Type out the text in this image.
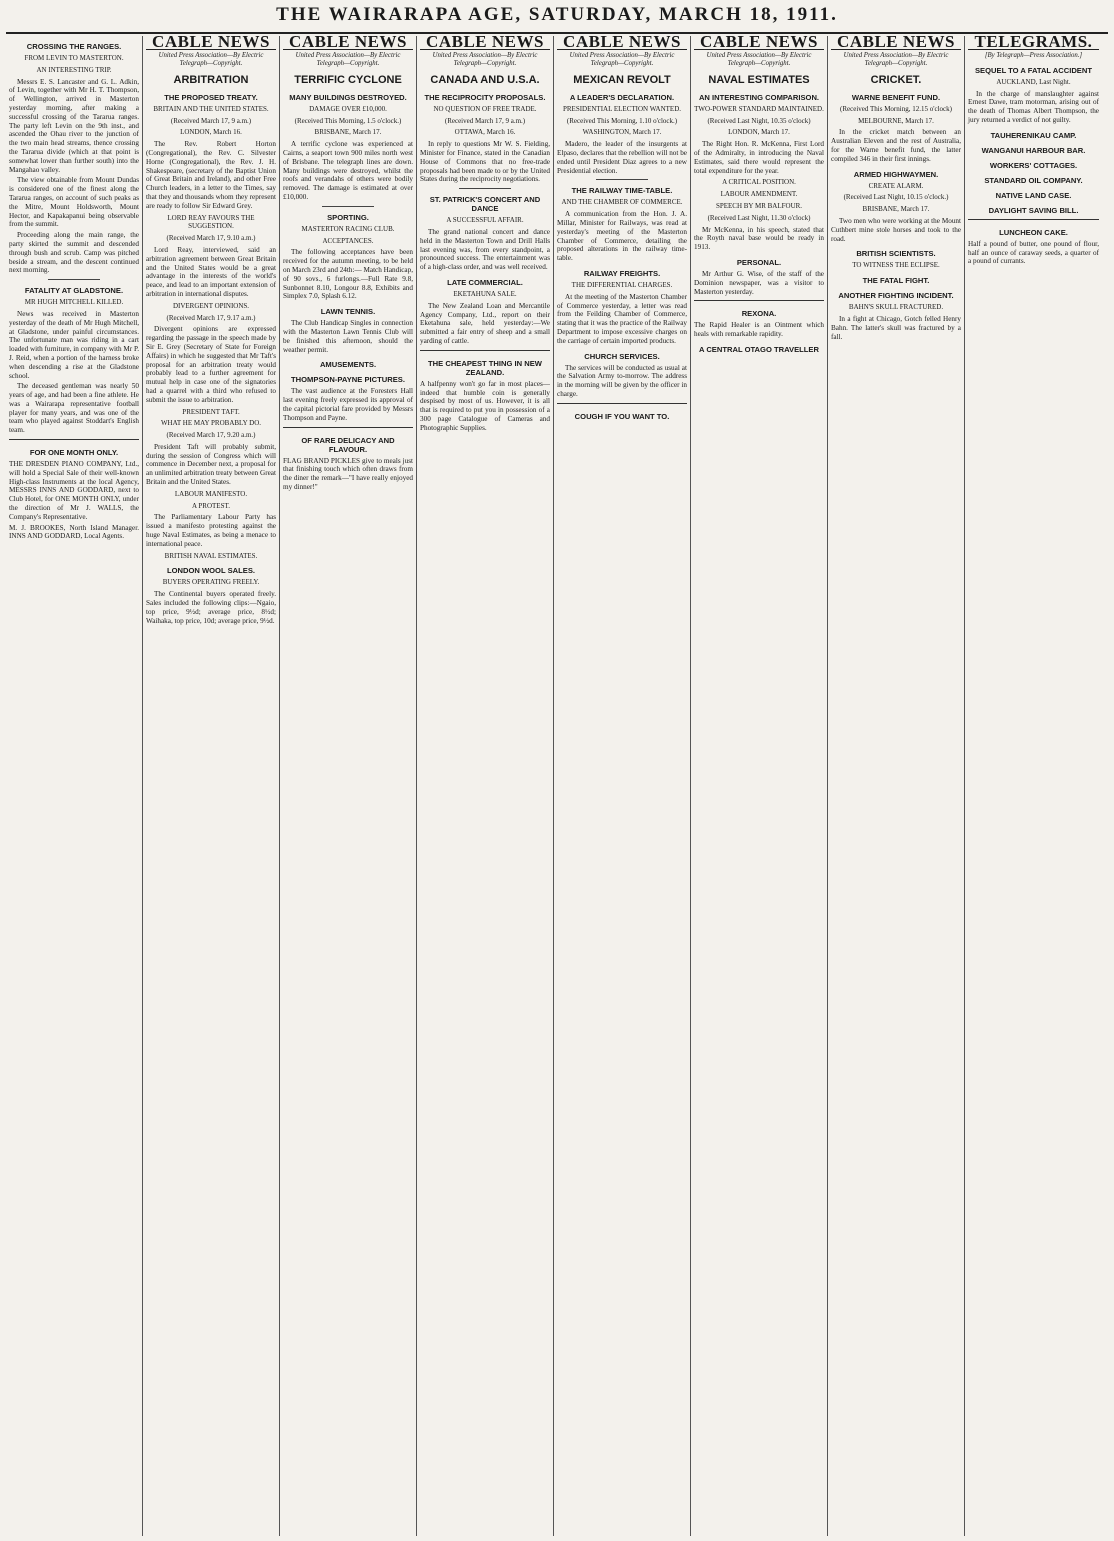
THE WAIRARAPA AGE, SATURDAY, MARCH 18, 1911.
CROSSING THE RANGES.
FROM LEVIN TO MASTERTON.
AN INTERESTING TRIP.

Messrs E. S. Lancaster and G. L. Adkin, of Levin, together with Mr H. T. Thompson, of Wellington, arrived in Masterton yesterday morning, after making a successful crossing of the Tararua ranges. The party left Levin on the 9th inst., and ascended the Ohau river to the junction of the two main head streams, thence crossing the Tararua divide (which at that point is somewhat lower than further south) into the Mangahao valley.

The view obtainable from Mount Dundas is considered one of the finest along the Tararua ranges, on account of such peaks as the Mitre, Mount Holdsworth, Mount Hector, and Kapakapanui being observable from the summit.

Proceeding along the main range, the party skirted the summit and descended through bush and scrub. Camp was pitched beside a stream, and the descent continued next morning.

FATALITY AT GLADSTONE.
MR HUGH MITCHELL KILLED.

News was received in Masterton yesterday of the death of Mr Hugh Mitchell, at Gladstone, under painful circumstances. The unfortunate man was riding in a cart loaded with furniture, in company with Mr P. J. Reid, when a portion of the harness broke when descending a rise at the Gladstone school.

The deceased gentleman was nearly 50 years of age, and had been a fine athlete. He was a Wairarapa representative football player for many years, and was one of the team who played against Stoddart's English team.

FOR ONE MONTH ONLY.

THE DRESDEN PIANO COMPANY, Ltd., will hold a Special Sale of their well-known High-class Instruments at the local Agency, MESSRS INNS AND GODDARD, next to Club Hotel, for ONE MONTH ONLY, under the direction of Mr J. WALLS, the Company's Representative.

M. J. BROOKES, North Island Manager. INNS AND GODDARD, Local Agents.

CABLE NEWS
United Press Association—By Electric Telegraph—Copyright.
ARBITRATION
THE PROPOSED TREATY.
BRITAIN AND THE UNITED STATES.
(Received March 17, 9 a.m.)
LONDON, March 16.

The Rev. Robert Horton (Congregational), the Rev. C. Silvester Horne (Congregational), the Rev. J. H. Shakespeare, (secretary of the Baptist Union of Great Britain and Ireland), and other Free Church leaders, in a letter to the Times, say that they and thousands whom they represent are ready to follow Sir Edward Grey.

LORD REAY FAVOURS THE SUGGESTION.
(Received March 17, 9.10 a.m.)

Lord Reay, interviewed, said an arbitration agreement between Great Britain and the United States would be a great advantage in the interests of the world's peace, and lead to an important extension of arbitration in international disputes.

DIVERGENT OPINIONS.
(Received March 17, 9.17 a.m.)

Divergent opinions are expressed regarding the passage in the speech made by Sir E. Grey (Secretary of State for Foreign Affairs) in which he suggested that Mr Taft's proposal for an arbitration treaty would probably lead to a further agreement for mutual help in case one of the signatories had a quarrel with a third who refused to submit the issue to arbitration.

PRESIDENT TAFT.
WHAT HE MAY PROBABLY DO.
(Received March 17, 9.20 a.m.)

President Taft will probably submit, during the session of Congress which will commence in December next, a proposal for an unlimited arbitration treaty between Great Britain and the United States.

LABOUR MANIFESTO.
A PROTEST.

The Parliamentary Labour Party has issued a manifesto protesting against the huge Naval Estimates, as being a menace to international peace.

BRITISH NAVAL ESTIMATES.
LONDON WOOL SALES.
BUYERS OPERATING FREELY.

The Continental buyers operated freely. Sales included the following clips:—Ngaio, top price, 9½d; average price, 8½d; Waihaka, top price, 10d; average price, 9½d.

CABLE NEWS
United Press Association—By Electric Telegraph—Copyright.
TERRIFIC CYCLONE
MANY BUILDINGS DESTROYED.
DAMAGE OVER £10,000.
(Received This Morning, 1.5 o'clock.)
BRISBANE, March 17.

A terrific cyclone was experienced at Cairns, a seaport town 900 miles north west of Brisbane. The telegraph lines are down. Many buildings were destroyed, whilst the roofs and verandahs of others were bodily removed. The damage is estimated at over £10,000.

SPORTING.
MASTERTON RACING CLUB.
ACCEPTANCES.

The following acceptances have been received for the autumn meeting, to be held on March 23rd and 24th:— Match Handicap, of 90 sovs., 6 furlongs.—Full Rate 9.8, Sunbonnet 8.10, Longour 8.8, Exhibits and Simplex 7.0, Splash 6.12.

LAWN TENNIS.

The Club Handicap Singles in connection with the Masterton Lawn Tennis Club will be finished this afternoon, should the weather permit.

AMUSEMENTS.
THOMPSON-PAYNE PICTURES.

The vast audience at the Foresters Hall last evening freely expressed its approval of the capital pictorial fare provided by Messrs Thompson and Payne.

OF RARE DELICACY AND FLAVOUR.

FLAG BRAND PICKLES give to meals just that finishing touch which often draws from the diner the remark—"I have really enjoyed my dinner!"

CABLE NEWS
United Press Association—By Electric Telegraph—Copyright.
CANADA AND U.S.A.
THE RECIPROCITY PROPOSALS.
NO QUESTION OF FREE TRADE.
(Received March 17, 9 a.m.)
OTTAWA, March 16.

In reply to questions Mr W. S. Fielding, Minister for Finance, stated in the Canadian House of Commons that no free-trade proposals had been made to or by the United States during the reciprocity negotiations.

ST. PATRICK'S CONCERT AND DANCE
A SUCCESSFUL AFFAIR.

The grand national concert and dance held in the Masterton Town and Drill Halls last evening was, from every standpoint, a pronounced success. The entertainment was of a high-class order, and was well received.

LATE COMMERCIAL.
EKETAHUNA SALE.

The New Zealand Loan and Mercantile Agency Company, Ltd., report on their Eketahuna sale, held yesterday:—We submitted a fair entry of sheep and a small yarding of cattle.

THE CHEAPEST THING IN NEW ZEALAND.

A halfpenny won't go far in most places—indeed that humble coin is generally despised by most of us. However, it is all that is required to put you in possession of a 300 page Catalogue of Cameras and Photographic Supplies.

CABLE NEWS
United Press Association—By Electric Telegraph—Copyright.
MEXICAN REVOLT
A LEADER'S DECLARATION.
PRESIDENTIAL ELECTION WANTED.
(Received This Morning, 1.10 o'clock.)
WASHINGTON, March 17.

Madero, the leader of the insurgents at Elpaso, declares that the rebellion will not be ended until President Diaz agrees to a new Presidential election.

THE RAILWAY TIME-TABLE.
AND THE CHAMBER OF COMMERCE.

A communication from the Hon. J. A. Millar, Minister for Railways, was read at yesterday's meeting of the Masterton Chamber of Commerce, detailing the proposed alterations in the railway time-table.

RAILWAY FREIGHTS.
THE DIFFERENTIAL CHARGES.

At the meeting of the Masterton Chamber of Commerce yesterday, a letter was read from the Feilding Chamber of Commerce, stating that it was the practice of the Railway Department to impose excessive charges on the carriage of certain imported products.

CHURCH SERVICES.

The services will be conducted as usual at the Salvation Army to-morrow. The address in the morning will be given by the officer in charge.

COUGH IF YOU WANT TO.
CABLE NEWS
United Press Association—By Electric Telegraph—Copyright.
NAVAL ESTIMATES
AN INTERESTING COMPARISON.
TWO-POWER STANDARD MAINTAINED.
(Received Last Night, 10.35 o'clock)
LONDON, March 17.

The Right Hon. R. McKenna, First Lord of the Admiralty, in introducing the Naval Estimates, said there would represent the total expenditure for the year.

A CRITICAL POSITION.
LABOUR AMENDMENT.
SPEECH BY MR BALFOUR.
(Received Last Night, 11.30 o'clock)

Mr McKenna, in his speech, stated that the Royth naval base would be ready in 1913.

PERSONAL.

Mr Arthur G. Wise, of the staff of the Dominion newspaper, was a visitor to Masterton yesterday.

REXONA.

The Rapid Healer is an Ointment which heals with remarkable rapidity.

A CENTRAL OTAGO TRAVELLER
CABLE NEWS
United Press Association—By Electric Telegraph—Copyright.
CRICKET.
WARNE BENEFIT FUND.
(Received This Morning, 12.15 o'clock)
MELBOURNE, March 17.

In the cricket match between an Australian Eleven and the rest of Australia, for the Warne benefit fund, the latter compiled 346 in their first innings.

ARMED HIGHWAYMEN.
CREATE ALARM.
(Received Last Night, 10.15 o'clock.)
BRISBANE, March 17.

Two men who were working at the Mount Cuthbert mine stole horses and took to the road.

BRITISH SCIENTISTS.
TO WITNESS THE ECLIPSE.
THE FATAL FIGHT.
ANOTHER FIGHTING INCIDENT.
BAHN'S SKULL FRACTURED.

In a fight at Chicago, Gotch felled Henry Bahn. The latter's skull was fractured by a fall.

TELEGRAMS.
[By Telegraph—Press Association.]
SEQUEL TO A FATAL ACCIDENT
AUCKLAND, Last Night.

In the charge of manslaughter against Ernest Dawe, tram motorman, arising out of the death of Thomas Albert Thompson, the jury returned a verdict of not guilty.

TAUHERENIKAU CAMP.
WANGANUI HARBOUR BAR.
WORKERS' COTTAGES.
STANDARD OIL COMPANY.
NATIVE LAND CASE.
DAYLIGHT SAVING BILL.
LUNCHEON CAKE.

Half a pound of butter, one pound of flour, half an ounce of caraway seeds, a quarter of a pound of currants.
